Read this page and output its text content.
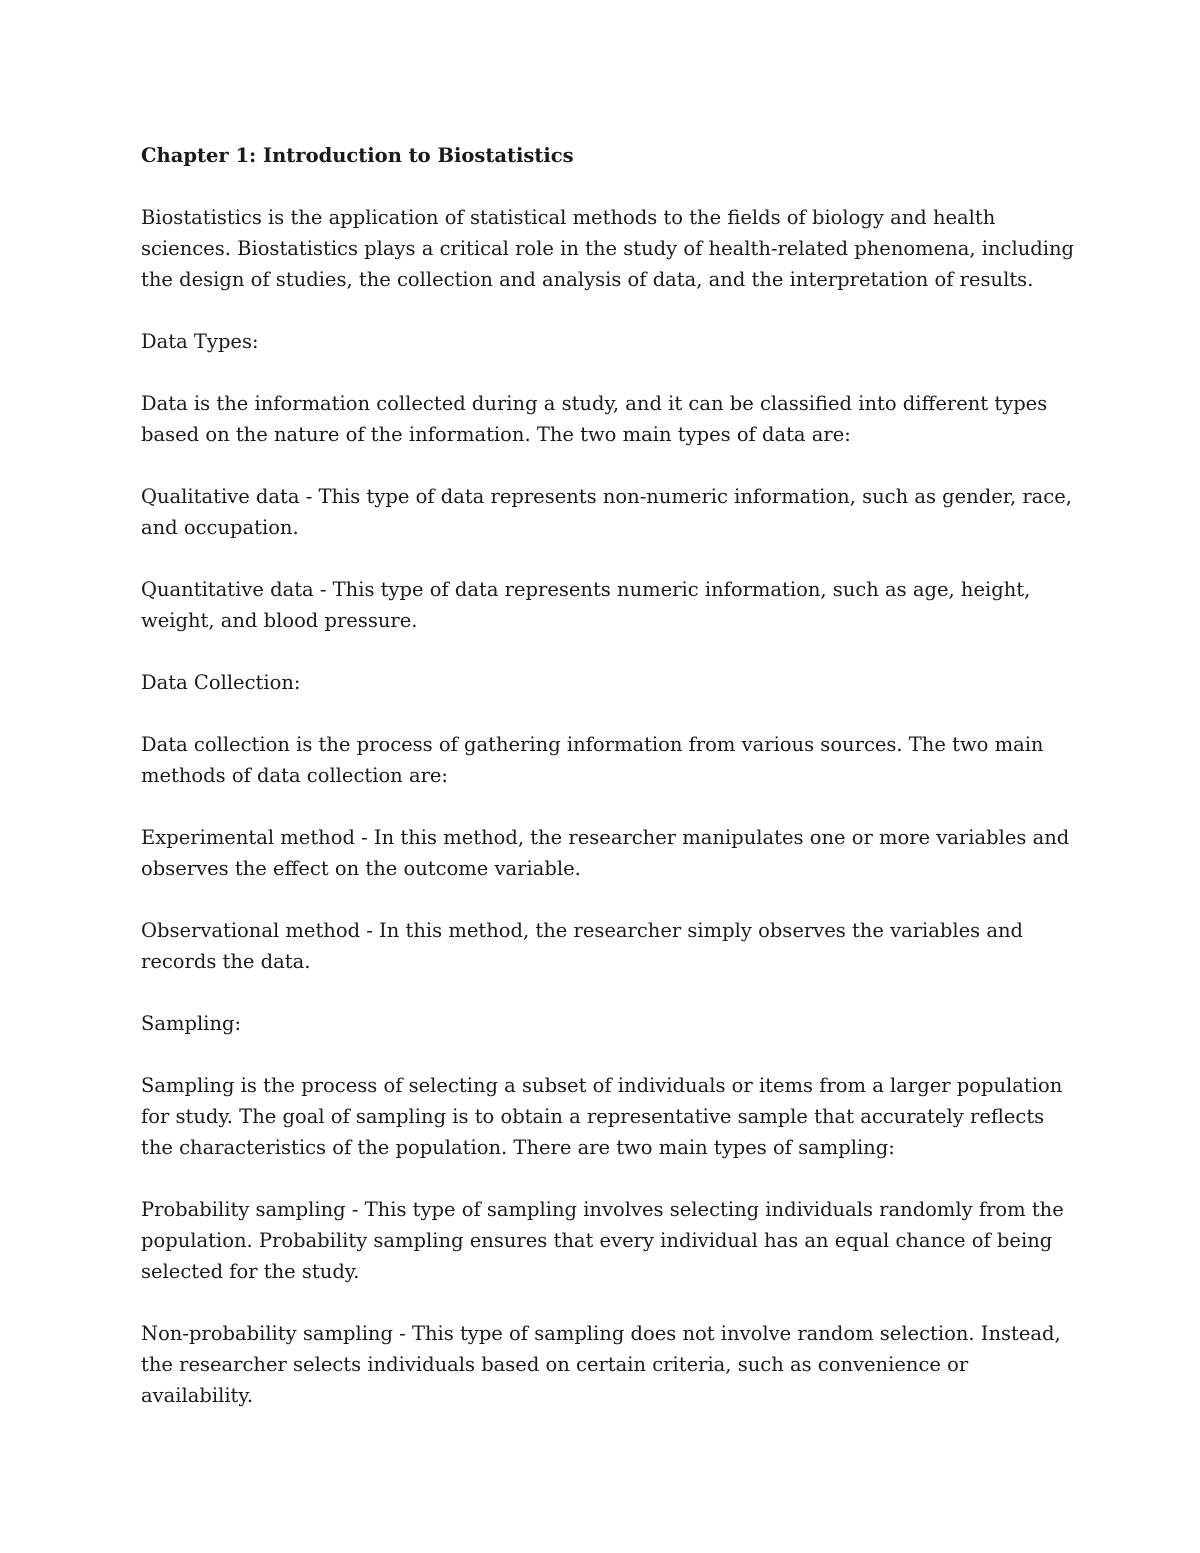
Chapter 1: Introduction to Biostatistics

Biostatistics is the application of statistical methods to the fields of biology and health sciences. Biostatistics plays a critical role in the study of health-related phenomena, including the design of studies, the collection and analysis of data, and the interpretation of results.

Data Types:

Data is the information collected during a study, and it can be classified into different types based on the nature of the information. The two main types of data are:

Qualitative data - This type of data represents non-numeric information, such as gender, race, and occupation.

Quantitative data - This type of data represents numeric information, such as age, height, weight, and blood pressure.

Data Collection:

Data collection is the process of gathering information from various sources. The two main methods of data collection are:

Experimental method - In this method, the researcher manipulates one or more variables and observes the effect on the outcome variable.

Observational method - In this method, the researcher simply observes the variables and records the data.

Sampling:

Sampling is the process of selecting a subset of individuals or items from a larger population for study. The goal of sampling is to obtain a representative sample that accurately reflects the characteristics of the population. There are two main types of sampling:

Probability sampling - This type of sampling involves selecting individuals randomly from the population. Probability sampling ensures that every individual has an equal chance of being selected for the study.

Non-probability sampling - This type of sampling does not involve random selection. Instead, the researcher selects individuals based on certain criteria, such as convenience or availability.
